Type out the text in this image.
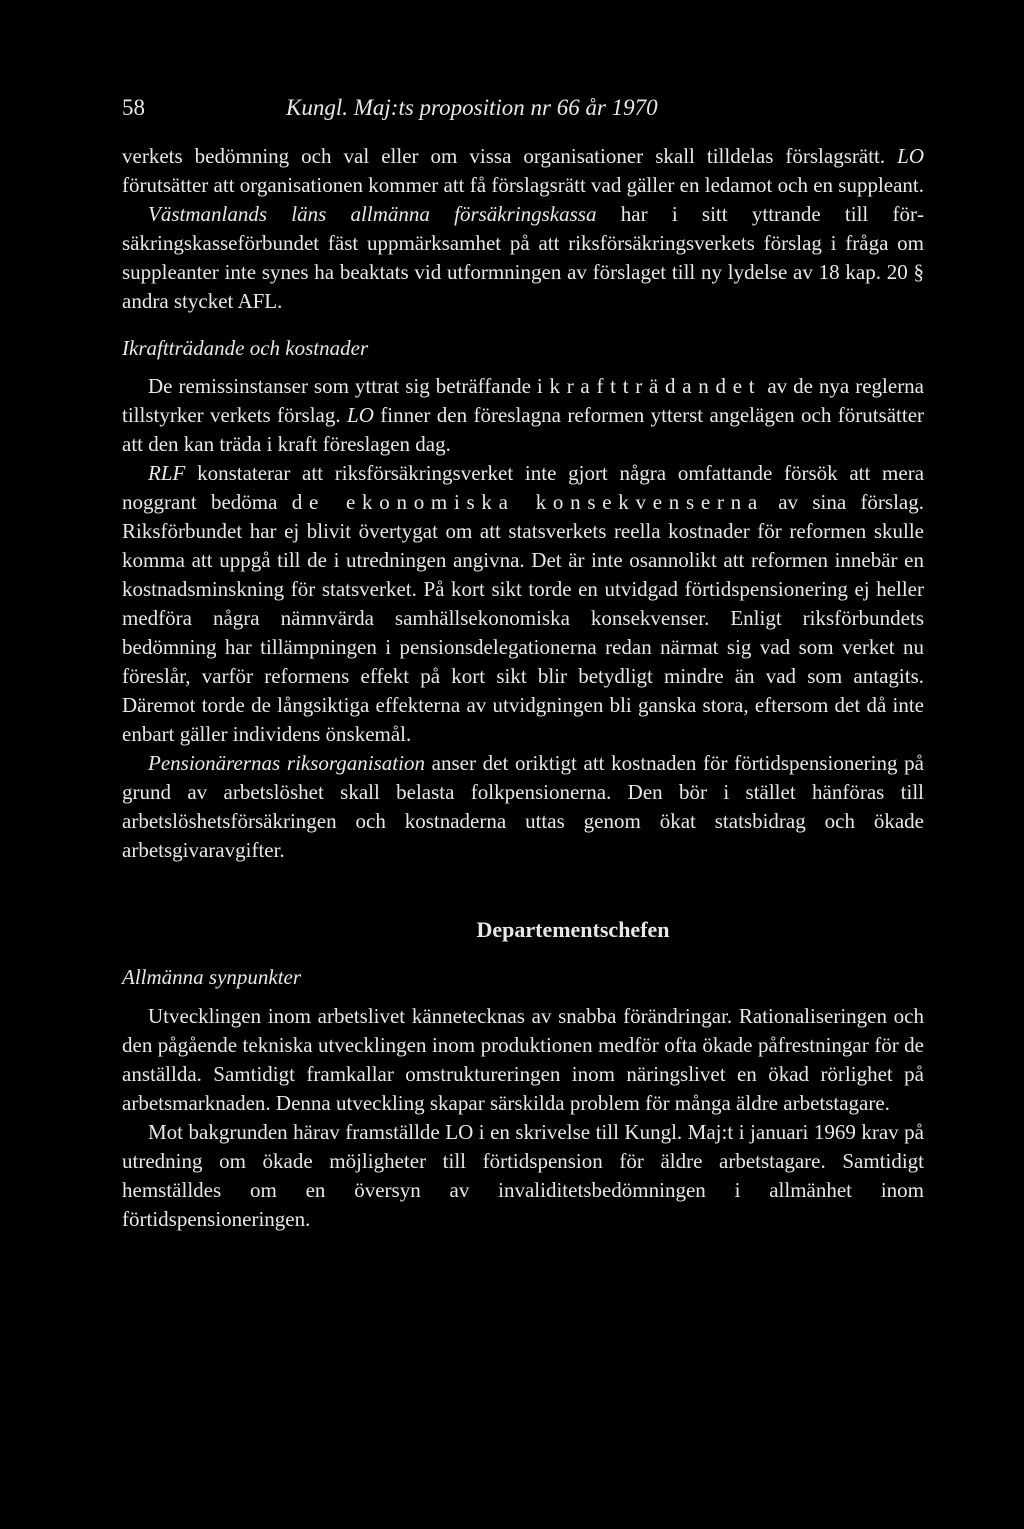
58	Kungl. Maj:ts proposition nr 66 år 1970

verkets bedömning och val eller om vissa organisationer skall tilldelas förslagsrätt. LO förutsätter att organisationen kommer att få förslagsrätt vad gäller en ledamot och en suppleant.

Västmanlands läns allmänna försäkringskassa har i sitt yttrande till försäkringskasseförbundet fäst uppmärksamhet på att riksförsäkringsverkets förslag i fråga om suppleanter inte synes ha beaktats vid utformningen av förslaget till ny lydelse av 18 kap. 20 § andra stycket AFL.

Ikraftträdande och kostnader

De remissinstanser som yttrat sig beträffande ikraftträdandet av de nya reglerna tillstyrker verkets förslag. LO finner den föreslagna reformen ytterst angelägen och förutsätter att den kan träda i kraft föreslagen dag.

RLF konstaterar att riksförsäkringsverket inte gjort några omfattande försök att mera noggrant bedöma de ekonomiska konsekvenserna av sina förslag. Riksförbundet har ej blivit övertygat om att statsverkets reella kostnader för reformen skulle komma att uppgå till de i utredningen angivna. Det är inte osannolikt att reformen innebär en kostnadsminskning för statsverket. På kort sikt torde en utvidgad förtidspensionering ej heller medföra några nämnvärda samhällsekonomiska konsekvenser. Enligt riksförbundets bedömning har tillämpningen i pensionsdelegationerna redan närmat sig vad som verket nu föreslår, varför reformens effekt på kort sikt blir betydligt mindre än vad som antagits. Däremot torde de långsiktiga effekterna av utvidgningen bli ganska stora, eftersom det då inte enbart gäller individens önskemål.

Pensionärernas riksorganisation anser det oriktigt att kostnaden för förtidspensionering på grund av arbetslöshet skall belasta folkpensionerna. Den bör i stället hänföras till arbetslöshetsförsäkringen och kostnaderna uttas genom ökat statsbidrag och ökade arbetsgivaravgifter.

Departementschefen
Allmänna synpunkter

Utvecklingen inom arbetslivet kännetecknas av snabba förändringar. Rationaliseringen och den pågående tekniska utvecklingen inom produktionen medför ofta ökade påfrestningar för de anställda. Samtidigt framkallar omstruktureringen inom näringslivet en ökad rörlighet på arbetsmarknaden. Denna utveckling skapar särskilda problem för många äldre arbetstagare.

Mot bakgrunden härav framställde LO i en skrivelse till Kungl. Maj:t i januari 1969 krav på utredning om ökade möjligheter till förtidspension för äldre arbetstagare. Samtidigt hemställdes om en översyn av invaliditetsbedömningen i allmänhet inom förtidspensioneringen.
